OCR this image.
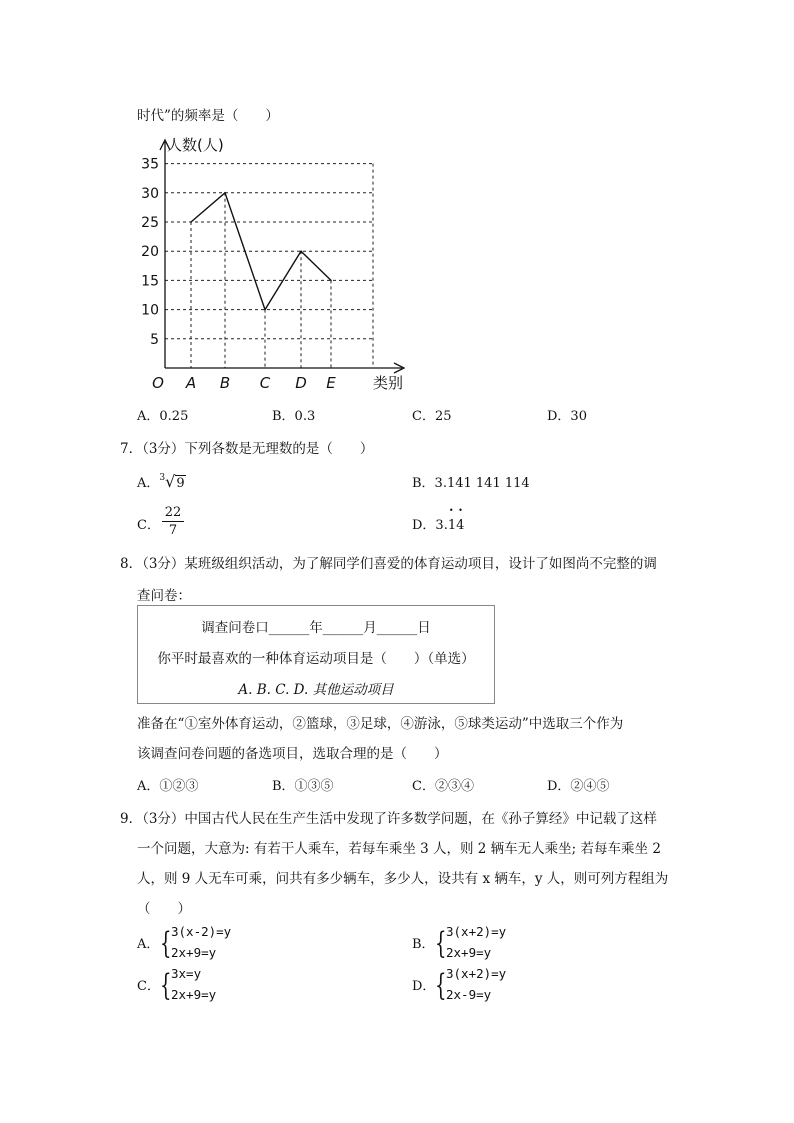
时代”的频率是（　　）
5
10
15
20
25
30
35
A B C D E
O
人数(人)
类别
A．0.25	B．0.3	C．25	D．30
7．（3分）下列各数是无理数的是（　　）
A．$^3$√9	B．3.141 141 114
C． $\frac{22}{7}$	D．3.
• •
14
8．（3分）某班级组织活动，为了解同学们喜爱的体育运动项目，设计了如图尚不完整的调
查问卷：
调查问卷口______年______月______日
你平时最喜欢的一种体育运动项目是（　　）（单选）
A. B. C. D. 其他运动项目
准备在“①室外体育运动，②篮球，③足球，④游泳，⑤球类运动”中选取三个作为
该调查问卷问题的备选项目，选取合理的是（　　）
A．①②③	B．①③⑤	C．②③④	D．②④⑤
9．（3分）中国古代人民在生产生活中发现了许多数学问题，在《孙子算经》中记载了这样
一个问题，大意为: 有若干人乘车，若每车乘坐 3 人，则 2 辆车无人乘坐; 若每车乘坐 2
人，则 9 人无车可乘，问共有多少辆车，多少人，设共有 x 辆车，y 人，则可列方程组为
（　　）
A． { 3(x-2)=y
2x+9=y
B． { 3(x+2)=y
2x+9=y
C． { 3x=y
2x+9=y
D． { 3(x+2)=y
2x-9=y
